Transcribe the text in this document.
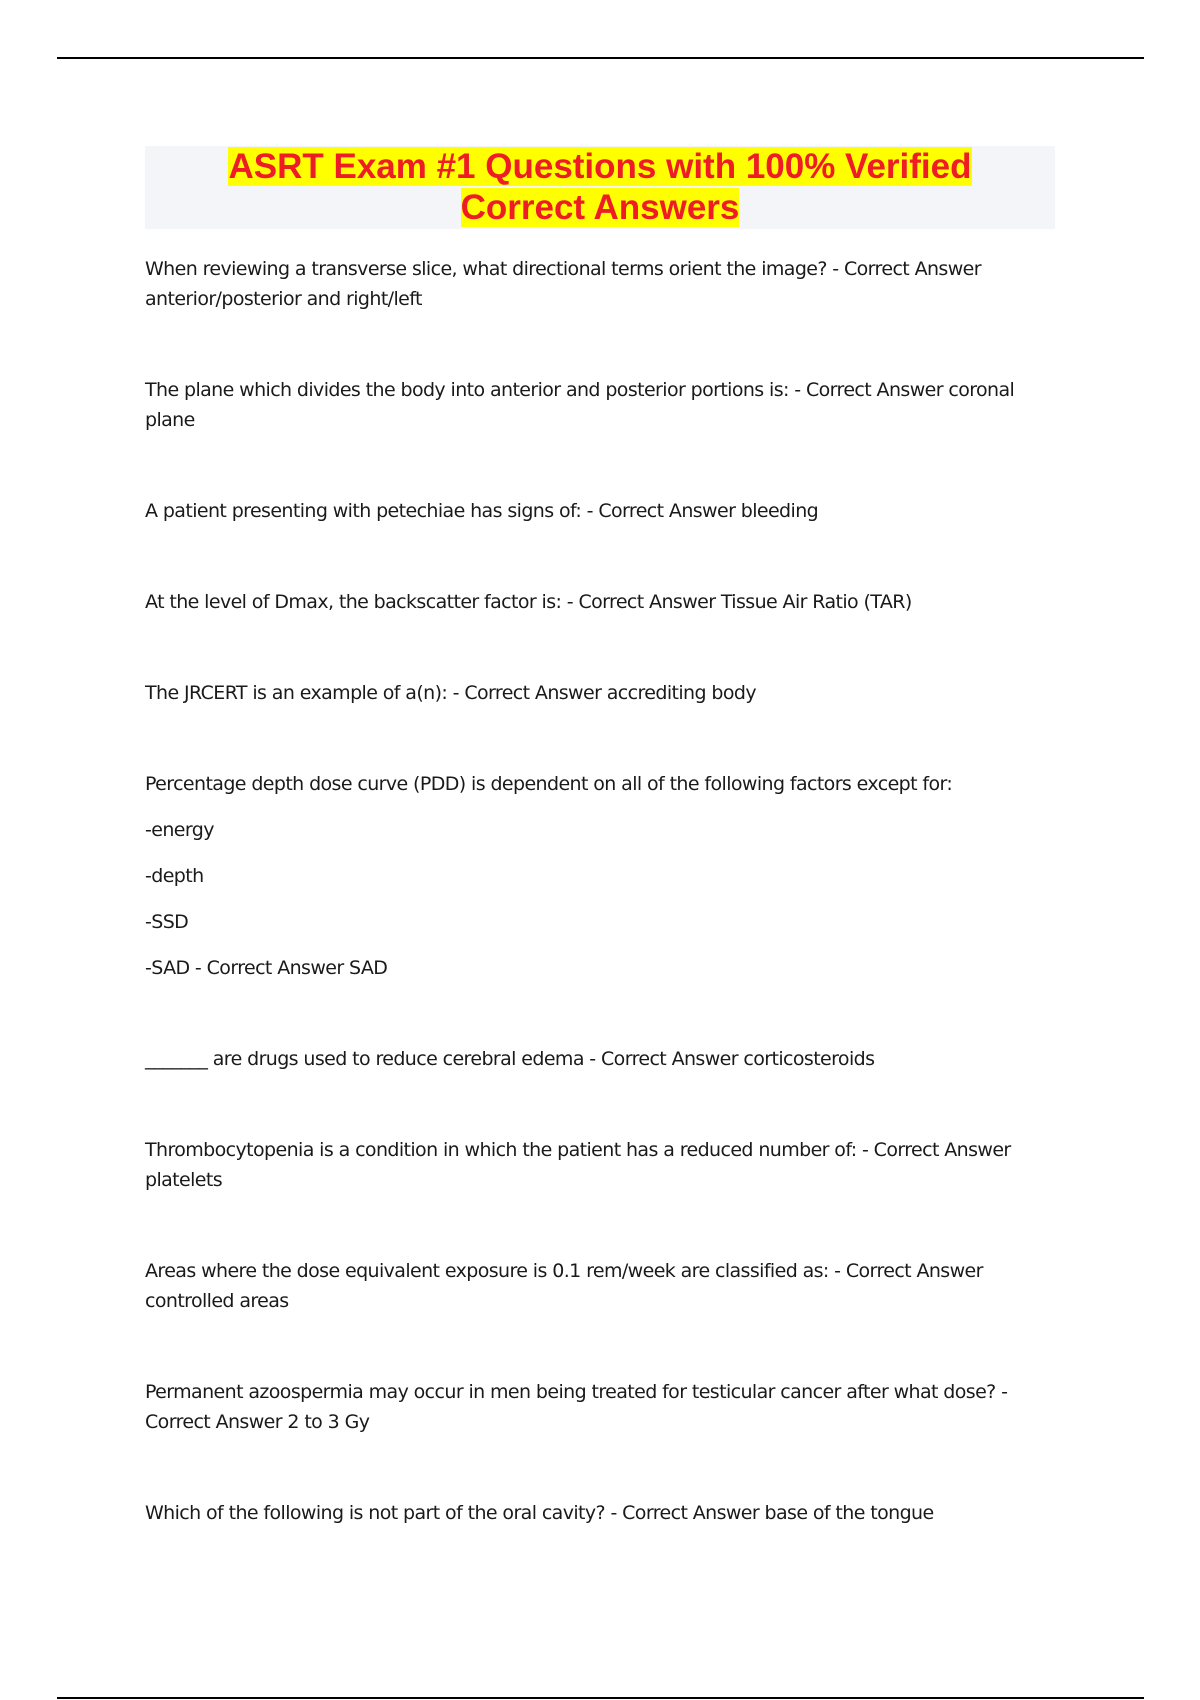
ASRT Exam #1 Questions with 100% Verified
Correct Answers

When reviewing a transverse slice, what directional terms orient the image? - Correct Answer anterior/posterior and right/left

The plane which divides the body into anterior and posterior portions is: - Correct Answer coronal plane

A patient presenting with petechiae has signs of: - Correct Answer bleeding

At the level of Dmax, the backscatter factor is: - Correct Answer Tissue Air Ratio (TAR)

The JRCERT is an example of a(n): - Correct Answer accrediting body

Percentage depth dose curve (PDD) is dependent on all of the following factors except for:

-energy

-depth

-SSD

-SAD - Correct Answer SAD

_______ are drugs used to reduce cerebral edema - Correct Answer corticosteroids

Thrombocytopenia is a condition in which the patient has a reduced number of: - Correct Answer platelets

Areas where the dose equivalent exposure is 0.1 rem/week are classified as: - Correct Answer controlled areas

Permanent azoospermia may occur in men being treated for testicular cancer after what dose? - Correct Answer 2 to 3 Gy

Which of the following is not part of the oral cavity? - Correct Answer base of the tongue
